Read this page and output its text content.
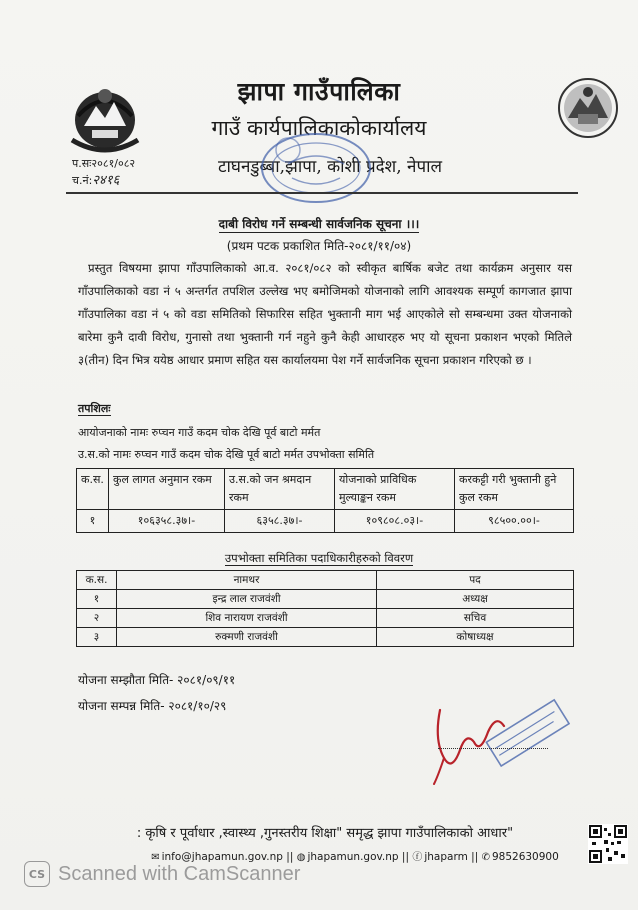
झापा गाउँपालिका
गाउँ कार्यपालिकाकोकार्यालय
टाघनडुब्बा,झापा, कोशी प्रदेश, नेपाल
प.सः२०८१/०८२
च.नं:२४१६
दाबी विरोध गर्ने सम्बन्धी सार्वजनिक सूचना ।।।
(प्रथम पटक प्रकाशित मिति-२०८१/११/०४)
प्रस्तुत विषयमा झापा गाँउपालिकाको आ.व. २०८१/०८२ को स्वीकृत बार्षिक बजेट तथा कार्यक्रम अनुसार यस गाँउपालिकाको वडा नं ५ अन्तर्गत तपशिल उल्लेख भए बमोजिमको योजनाको लागि आवश्यक सम्पूर्ण कागजात झापा गाँउपालिका वडा नं ५ को वडा समितिको सिफारिस सहित भुक्तानी माग भई आएकोले सो सम्बन्धमा उक्त योजनाको बारेमा कुनै दावी विरोध, गुनासो तथा भुक्तानी गर्न नहुने कुनै केही आधारहरु भए यो सूचना प्रकाशन भएको मितिले ३(तीन) दिन भित्र ययेष्ठ आधार प्रमाण सहित यस कार्यालयमा पेश गर्ने सार्वजनिक सूचना प्रकाशन गरिएको छ ।
तपशिलः
आयोजनाको नामः रुप्चन गाउँ कदम चोक देखि पूर्व बाटो मर्मत
उ.स.को नामः रुप्चन गाउँ कदम चोक देखि पूर्व बाटो मर्मत उपभोक्ता समिति
क.स.	कुल लागत अनुमान रकम	उ.स.को जन श्रमदान रकम	योजनाको प्राविधिक मुल्याङ्कन रकम	करकट्टी गरी भुक्तानी हुने कुल रकम
१	१०६३५८.३७।-	६३५८.३७।-	१०९८०८.०३।-	९८५००.००।-
उपभोक्ता समितिका पदाधिकारीहरुको विवरण
क.स.	नामथर	पद
१	इन्द्र लाल राजवंशी	अध्यक्ष
२	शिव नारायण राजवंशी	सचिव
३	रुक्मणी राजवंशी	कोषाध्यक्ष
योजना सम्झौता मिति- २०८१/०९/११
योजना सम्पन्न मिति- २०८१/१०/२९
: कृषि र पूर्वाधार ,स्वास्थ्य ,गुनस्तरीय शिक्षा" समृद्ध झापा गाउँपालिकाको आधार"
✉ info@jhapamun.gov.np || ◍ jhapamun.gov.np || ⓕ jhaparm || ✆ 9852630900
CS Scanned with CamScanner
